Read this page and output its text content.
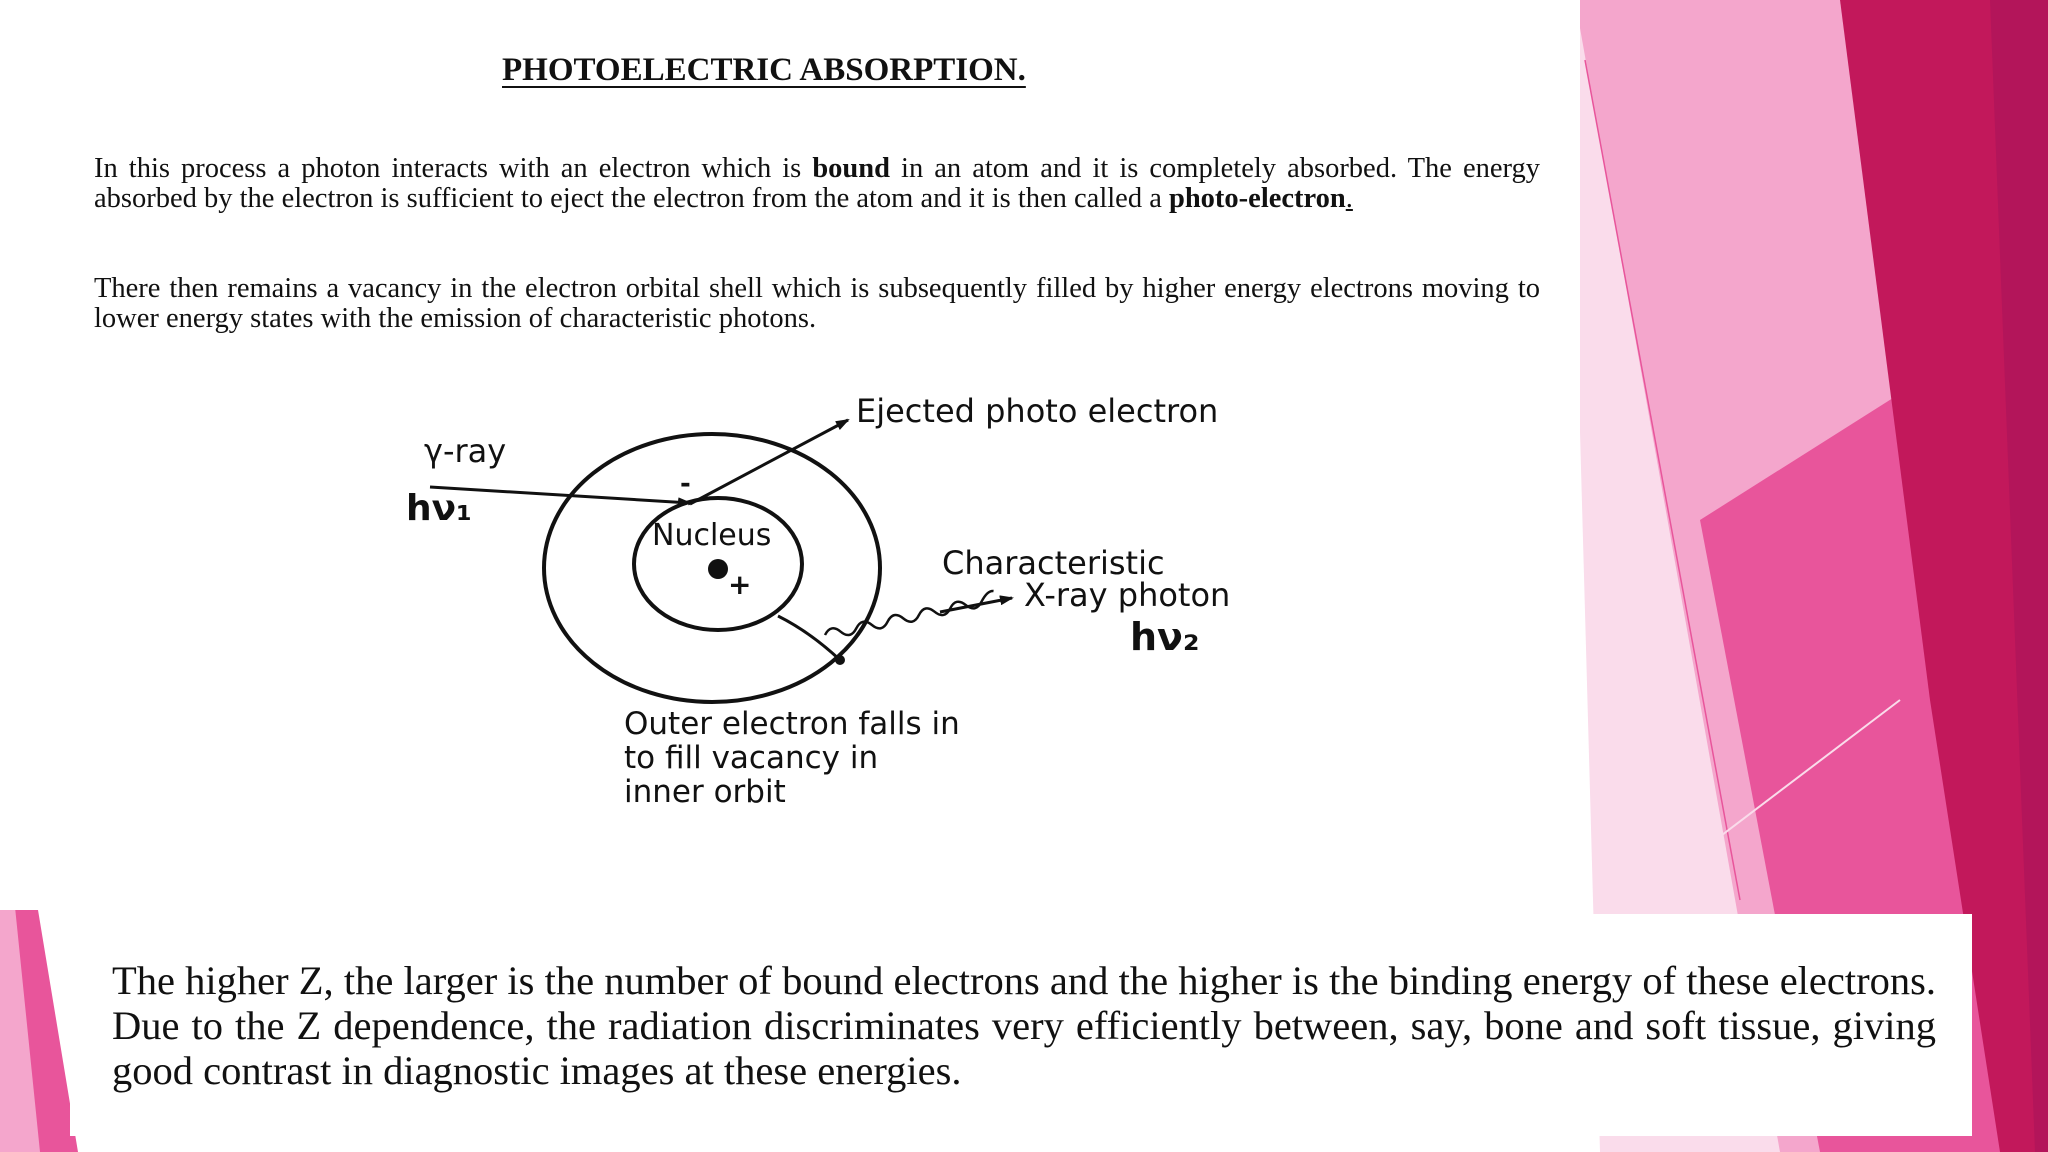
PHOTOELECTRIC ABSORPTION.

In this process a photon interacts with an electron which is bound in an atom and it is completely absorbed. The energy absorbed by the electron is sufficient to eject the electron from the atom and it is then called a photo-electron.

There then remains a vacancy in the electron orbital shell which is subsequently filled by higher energy electrons moving to lower energy states with the emission of characteristic photons.

Ejected photo electron
γ-ray
hν₁
-
Nucleus
+
Characteristic
X-ray photon
hν₂
Outer electron falls in
to fill vacancy in
inner orbit

The higher Z, the larger is the number of bound electrons and the higher is the binding energy of these electrons. Due to the Z dependence, the radiation discriminates very efficiently between, say, bone and soft tissue, giving good contrast in diagnostic images at these energies.
